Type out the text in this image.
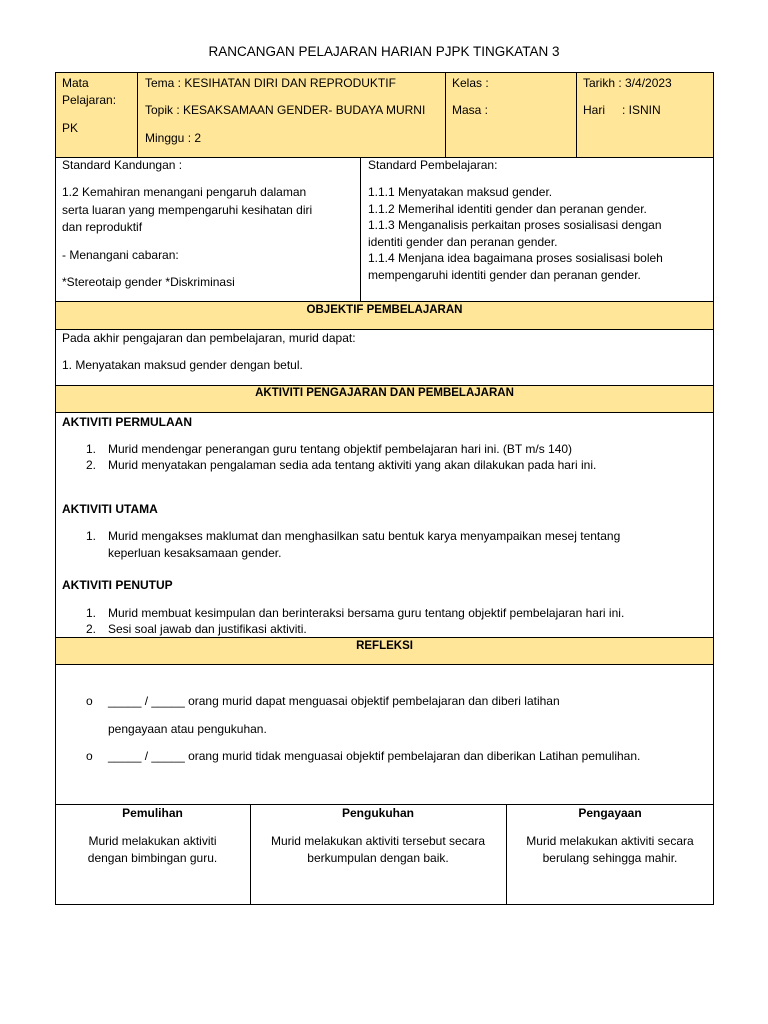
RANCANGAN PELAJARAN HARIAN PJPK TINGKATAN 3
Mata
Pelajaran:
PK
Tema : KESIHATAN DIRI DAN REPRODUKTIF
Topik : KESAKSAMAAN GENDER- BUDAYA MURNI
Minggu : 2
Kelas :
Masa :
Tarikh : 3/4/2023
Hari : ISNIN
Standard Kandungan :
1.2 Kemahiran menangani pengaruh dalaman
serta luaran yang mempengaruhi kesihatan diri
dan reproduktif
- Menangani cabaran:
*Stereotaip gender *Diskriminasi
Standard Pembelajaran:
1.1.1 Menyatakan maksud gender.
1.1.2 Memerihal identiti gender dan peranan gender.
1.1.3 Menganalisis perkaitan proses sosialisasi dengan
identiti gender dan peranan gender.
1.1.4 Menjana idea bagaimana proses sosialisasi boleh
mempengaruhi identiti gender dan peranan gender.
OBJEKTIF PEMBELAJARAN
Pada akhir pengajaran dan pembelajaran, murid dapat:
1. Menyatakan maksud gender dengan betul.
AKTIVITI PENGAJARAN DAN PEMBELAJARAN
AKTIVITI PERMULAAN
1. Murid mendengar penerangan guru tentang objektif pembelajaran hari ini. (BT m/s 140)
2. Murid menyatakan pengalaman sedia ada tentang aktiviti yang akan dilakukan pada hari ini.
AKTIVITI UTAMA
1. Murid mengakses maklumat dan menghasilkan satu bentuk karya menyampaikan mesej tentang
keperluan kesaksamaan gender.
AKTIVITI PENUTUP
1. Murid membuat kesimpulan dan berinteraksi bersama guru tentang objektif pembelajaran hari ini.
2. Sesi soal jawab dan justifikasi aktiviti.
REFLEKSI
o _____ / _____ orang murid dapat menguasai objektif pembelajaran dan diberi latihan
pengayaan atau pengukuhan.
o _____ / _____ orang murid tidak menguasai objektif pembelajaran dan diberikan Latihan pemulihan.
Pemulihan
Murid melakukan aktiviti
dengan bimbingan guru.
Pengukuhan
Murid melakukan aktiviti tersebut secara
berkumpulan dengan baik.
Pengayaan
Murid melakukan aktiviti secara
berulang sehingga mahir.
